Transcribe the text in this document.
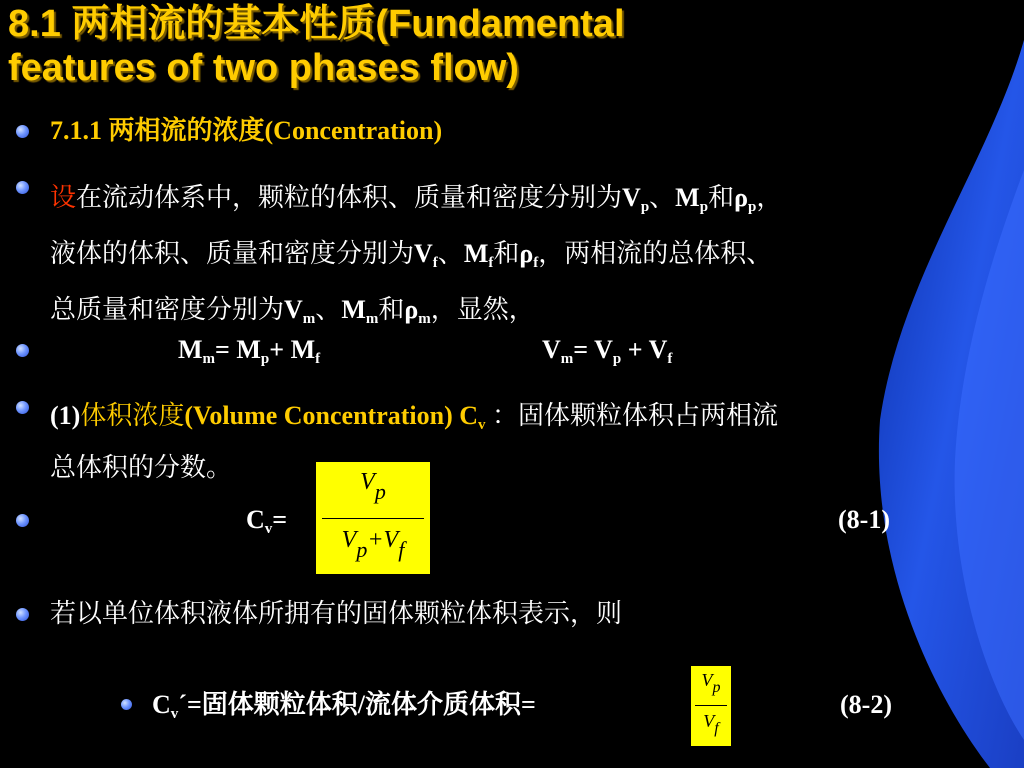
8.1 两相流的基本性质(Fundamental
features of two phases flow)
7.1.1 两相流的浓度(Concentration)
设在流动体系中，颗粒的体积、质量和密度分别为$V_p$、$M_p$和$\rho_p$，
液体的体积、质量和密度分别为$V_f$、$M_f$和$\rho_f$，两相流的总体积、
总质量和密度分别为$V_m$、$M_m$和$\rho_m$，显然，
$M_m= M_p+ M_f$	$V_m= V_p + V_f$
(1)体积浓度(Volume Concentration) $C_v$ ：固体颗粒体积占两相流
总体积的分数。
$C_v=$
$V_p$
$V_p+V_f$
(8-1)
若以单位体积液体所拥有的固体颗粒体积表示，则
$C_v´=$固体颗粒体积/流体介质体积=
$V_p$
$V_f$
(8-2)
